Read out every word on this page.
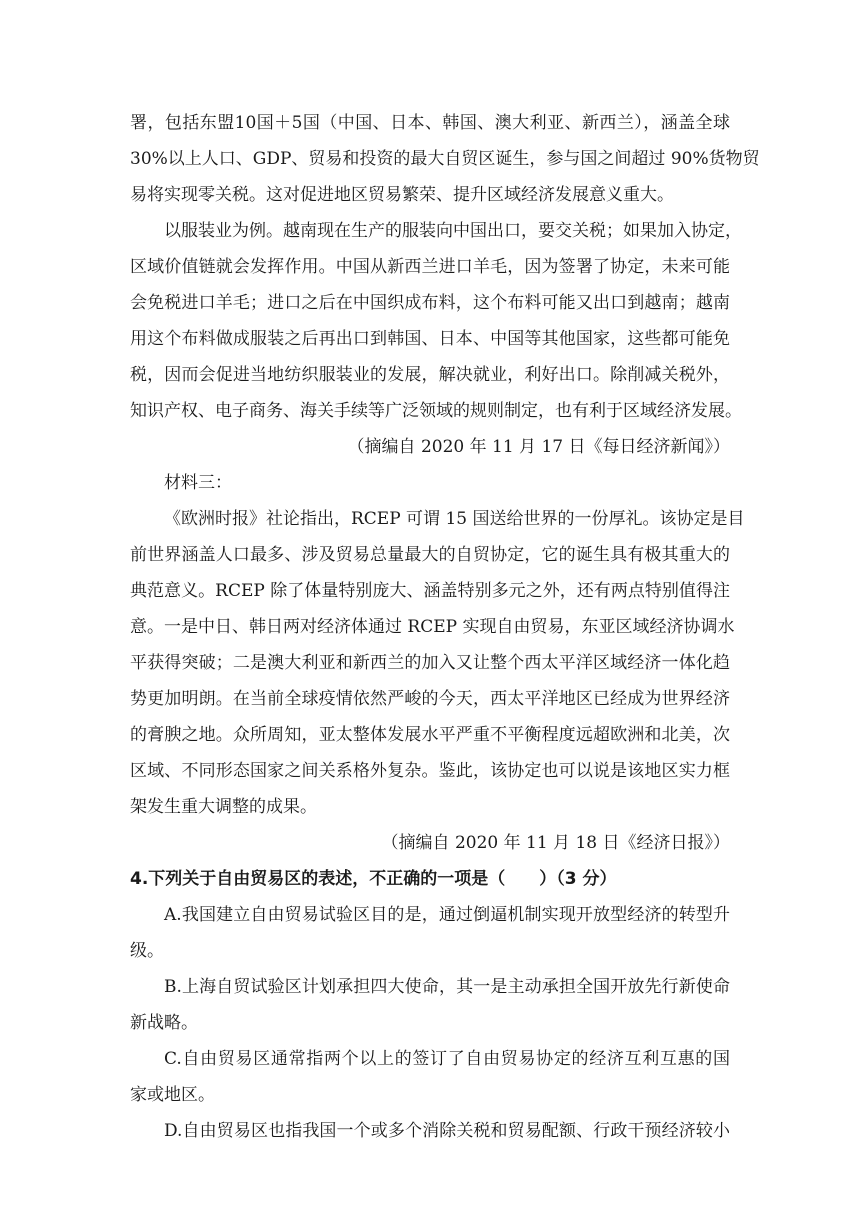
署，包括东盟10国＋5国（中国、日本、韩国、澳大利亚、新西兰），涵盖全球
30%以上人口、GDP、贸易和投资的最大自贸区诞生，参与国之间超过 90%货物贸
易将实现零关税。这对促进地区贸易繁荣、提升区域经济发展意义重大。
以服装业为例。越南现在生产的服装向中国出口，要交关税；如果加入协定，
区域价值链就会发挥作用。中国从新西兰进口羊毛，因为签署了协定，未来可能
会免税进口羊毛；进口之后在中国织成布料，这个布料可能又出口到越南；越南
用这个布料做成服装之后再出口到韩国、日本、中国等其他国家，这些都可能免
税，因而会促进当地纺织服装业的发展，解决就业，利好出口。除削减关税外，
知识产权、电子商务、海关手续等广泛领域的规则制定，也有利于区域经济发展。
（摘编自 2020 年 11 月 17 日《每日经济新闻》）
材料三：
《欧洲时报》社论指出，RCEP 可谓 15 国送给世界的一份厚礼。该协定是目
前世界涵盖人口最多、涉及贸易总量最大的自贸协定，它的诞生具有极其重大的
典范意义。RCEP 除了体量特别庞大、涵盖特别多元之外，还有两点特别值得注
意。一是中日、韩日两对经济体通过 RCEP 实现自由贸易，东亚区域经济协调水
平获得突破；二是澳大利亚和新西兰的加入又让整个西太平洋区域经济一体化趋
势更加明朗。在当前全球疫情依然严峻的今天，西太平洋地区已经成为世界经济
的膏腴之地。众所周知，亚太整体发展水平严重不平衡程度远超欧洲和北美，次
区域、不同形态国家之间关系格外复杂。鉴此，该协定也可以说是该地区实力框
架发生重大调整的成果。
（摘编自 2020 年 11 月 18 日《经济日报》）
4.下列关于自由贸易区的表述，不正确的一项是（　　）（3 分）
A.我国建立自由贸易试验区目的是，通过倒逼机制实现开放型经济的转型升
级。
B.上海自贸试验区计划承担四大使命，其一是主动承担全国开放先行新使命
新战略。
C.自由贸易区通常指两个以上的签订了自由贸易协定的经济互利互惠的国
家或地区。
D.自由贸易区也指我国一个或多个消除关税和贸易配额、行政干预经济较小
